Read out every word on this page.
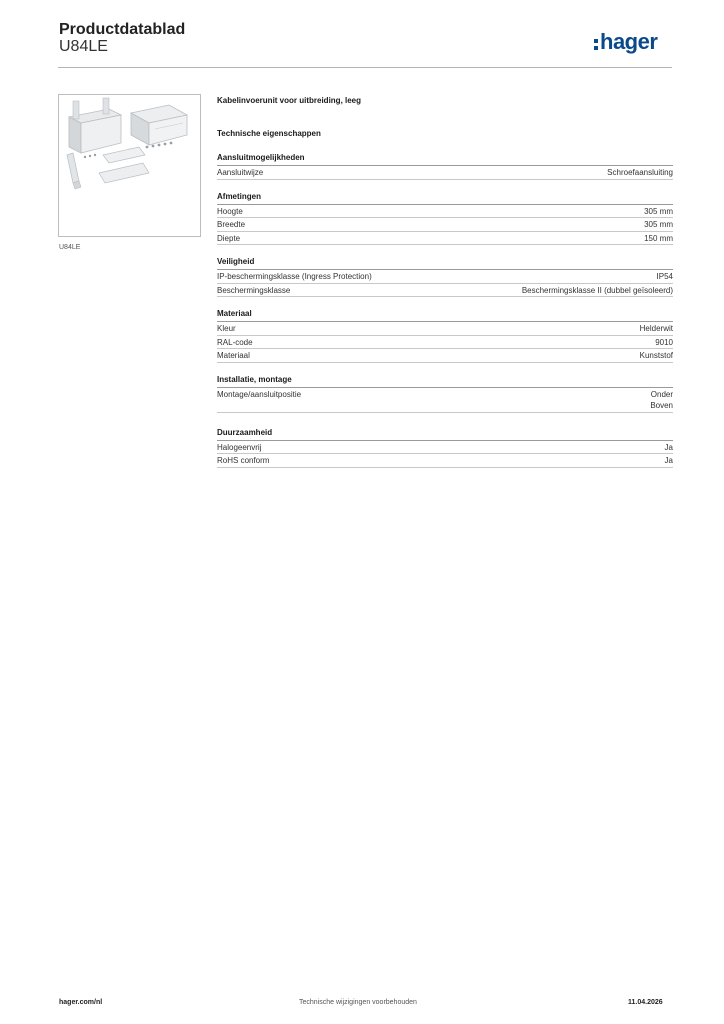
Productdatablad
U84LE	hager
U84LE
Kabelinvoerunit voor uitbreiding, leeg
Technische eigenschappen
Aansluitmogelijkheden
Aansluitwijze	Schroefaansluiting
Afmetingen
Hoogte	305 mm
Breedte	305 mm
Diepte	150 mm
Veiligheid
IP-beschermingsklasse (Ingress Protection)	IP54
Beschermingsklasse	Beschermingsklasse II (dubbel geïsoleerd)
Materiaal
Kleur	Helderwit
RAL-code	9010
Materiaal	Kunststof
Installatie, montage
Montage/aansluitpositie	Onder
Boven
Duurzaamheid
Halogeenvrij	Ja
RoHS conform	Ja
hager.com/nl	Technische wijzigingen voorbehouden	11.04.2026
